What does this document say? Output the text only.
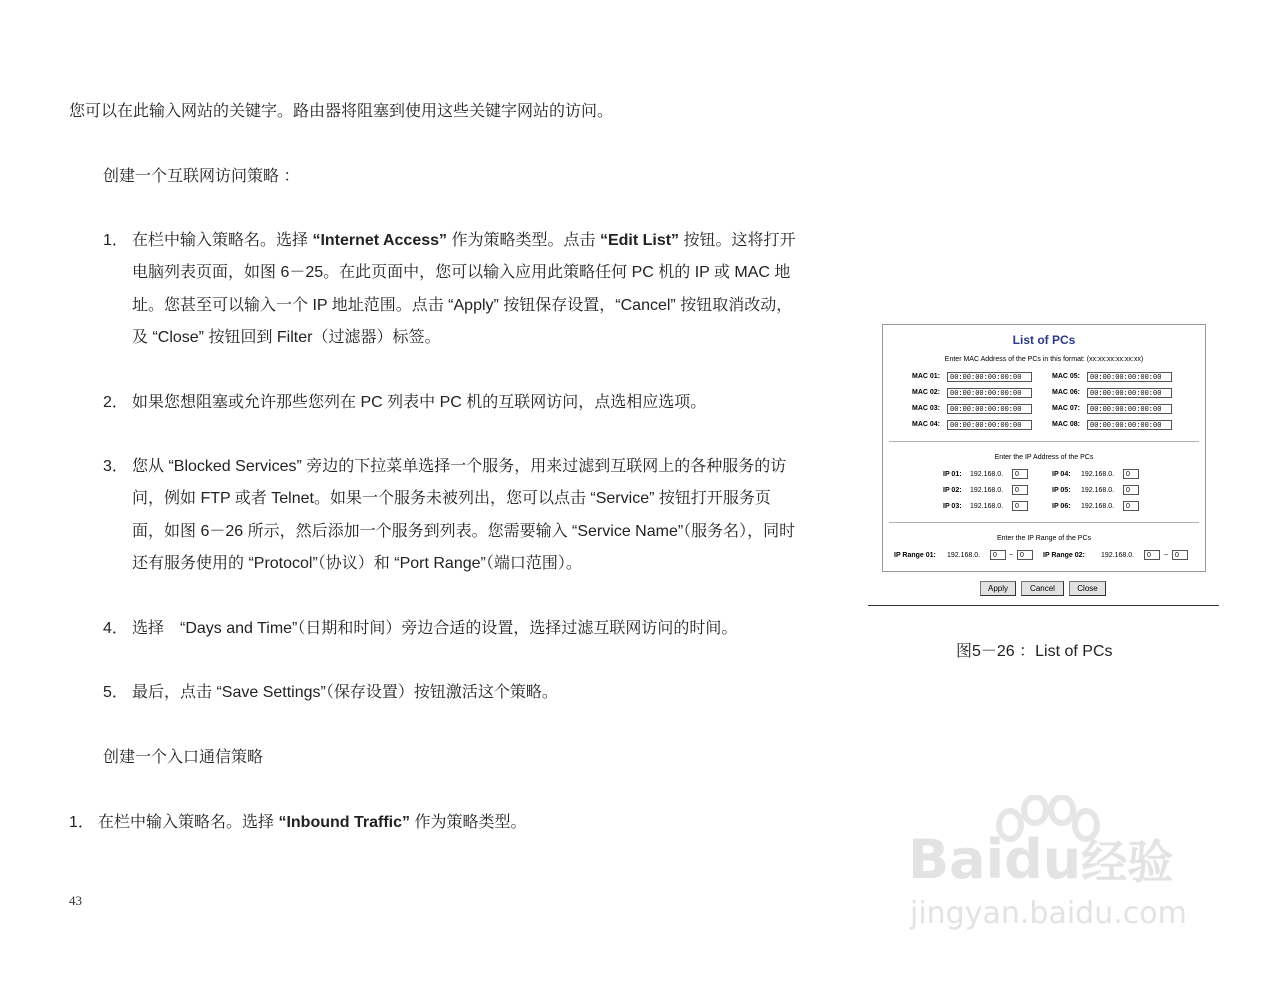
您可以在此输入网站的关键字。路由器将阻塞到使用这些关键字网站的访问。
创建一个互联网访问策略 ：
1． 在栏中输入策略名。选择 “Internet Access” 作为策略类型。点击 “Edit List” 按钮。这将打开电脑列表页面，如图 6－25。在此页面中，您可以输入应用此策略任何 PC 机的 IP 或 MAC 地址。您甚至可以输入一个 IP 地址范围。点击 “Apply” 按钮保存设置，“Cancel” 按钮取消改动，及 “Close” 按钮回到 Filter（过滤器）标签。
2． 如果您想阻塞或允许那些您列在 PC 列表中 PC 机的互联网访问，点选相应选项。
3． 您从 “Blocked Services” 旁边的下拉菜单选择一个服务，用来过滤到互联网上的各种服务的访问，例如 FTP 或者 Telnet。如果一个服务未被列出，您可以点击 “Service” 按钮打开服务页面，如图 6－26 所示，然后添加一个服务到列表。您需要输入 “Service Name”（服务名），同时还有服务使用的 “Protocol”（协议）和 “Port Range”（端口范围）。
4． 选择　“Days and Time”（日期和时间）旁边合适的设置，选择过滤互联网访问的时间。
5． 最后，点击 “Save Settings”（保存设置）按钮激活这个策略。
创建一个入口通信策略
1． 在栏中输入策略名。选择 “Inbound Traffic” 作为策略类型。
43
List of PCs
Enter MAC Address of the PCs in this format: (xx:xx:xx:xx:xx:xx)
MAC 01:	00:00:00:00:00:00
MAC 02:	00:00:00:00:00:00
MAC 03:	00:00:00:00:00:00
MAC 04:	00:00:00:00:00:00
MAC 05:	00:00:00:00:00:00
MAC 06:	00:00:00:00:00:00
MAC 07:	00:00:00:00:00:00
MAC 08:	00:00:00:00:00:00
Enter the IP Address of the PCs
IP 01: 192.168.0.	0
IP 02: 192.168.0.	0
IP 03: 192.168.0.	0
IP 04: 192.168.0.	0
IP 05: 192.168.0.	0
IP 06: 192.168.0.	0
Enter the IP Range of the PCs
IP Range 01: 192.168.0.	0	~ 0	IP Range 02: 192.168.0.	0	~ 0
Apply	Cancel	Close
图5－26 ：List of PCs
Baidu经验
jingyan.baidu.com
